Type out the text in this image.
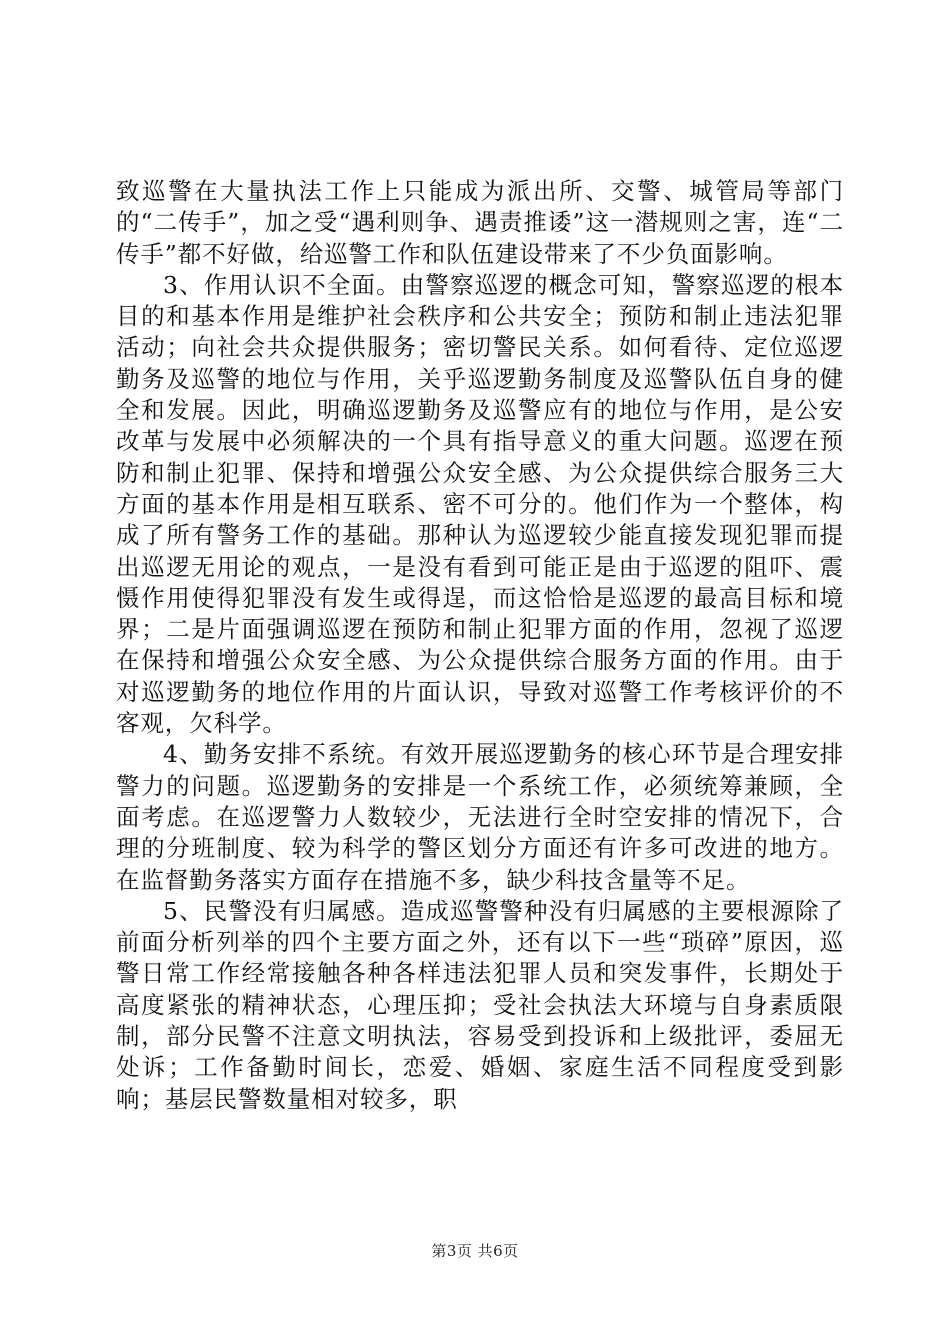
致巡警在大量执法工作上只能成为派出所、交警、城管局等部门的“二传手”，加之受“遇利则争、遇责推诿”这一潜规则之害，连“二传手”都不好做，给巡警工作和队伍建设带来了不少负面影响。

3、作用认识不全面。由警察巡逻的概念可知，警察巡逻的根本目的和基本作用是维护社会秩序和公共安全；预防和制止违法犯罪活动；向社会共众提供服务；密切警民关系。如何看待、定位巡逻勤务及巡警的地位与作用，关乎巡逻勤务制度及巡警队伍自身的健全和发展。因此，明确巡逻勤务及巡警应有的地位与作用，是公安改革与发展中必须解决的一个具有指导意义的重大问题。巡逻在预防和制止犯罪、保持和增强公众安全感、为公众提供综合服务三大方面的基本作用是相互联系、密不可分的。他们作为一个整体，构成了所有警务工作的基础。那种认为巡逻较少能直接发现犯罪而提出巡逻无用论的观点，一是没有看到可能正是由于巡逻的阻吓、震慑作用使得犯罪没有发生或得逞，而这恰恰是巡逻的最高目标和境界；二是片面强调巡逻在预防和制止犯罪方面的作用，忽视了巡逻在保持和增强公众安全感、为公众提供综合服务方面的作用。由于对巡逻勤务的地位作用的片面认识，导致对巡警工作考核评价的不客观，欠科学。

4、勤务安排不系统。有效开展巡逻勤务的核心环节是合理安排警力的问题。巡逻勤务的安排是一个系统工作，必须统筹兼顾，全面考虑。在巡逻警力人数较少，无法进行全时空安排的情况下，合理的分班制度、较为科学的警区划分方面还有许多可改进的地方。在监督勤务落实方面存在措施不多，缺少科技含量等不足。

5、民警没有归属感。造成巡警警种没有归属感的主要根源除了前面分析列举的四个主要方面之外，还有以下一些“琐碎”原因，巡警日常工作经常接触各种各样违法犯罪人员和突发事件，长期处于高度紧张的精神状态，心理压抑；受社会执法大环境与自身素质限制，部分民警不注意文明执法，容易受到投诉和上级批评，委屈无处诉；工作备勤时间长，恋爱、婚姻、家庭生活不同程度受到影响；基层民警数量相对较多，职

第3页 共6页
